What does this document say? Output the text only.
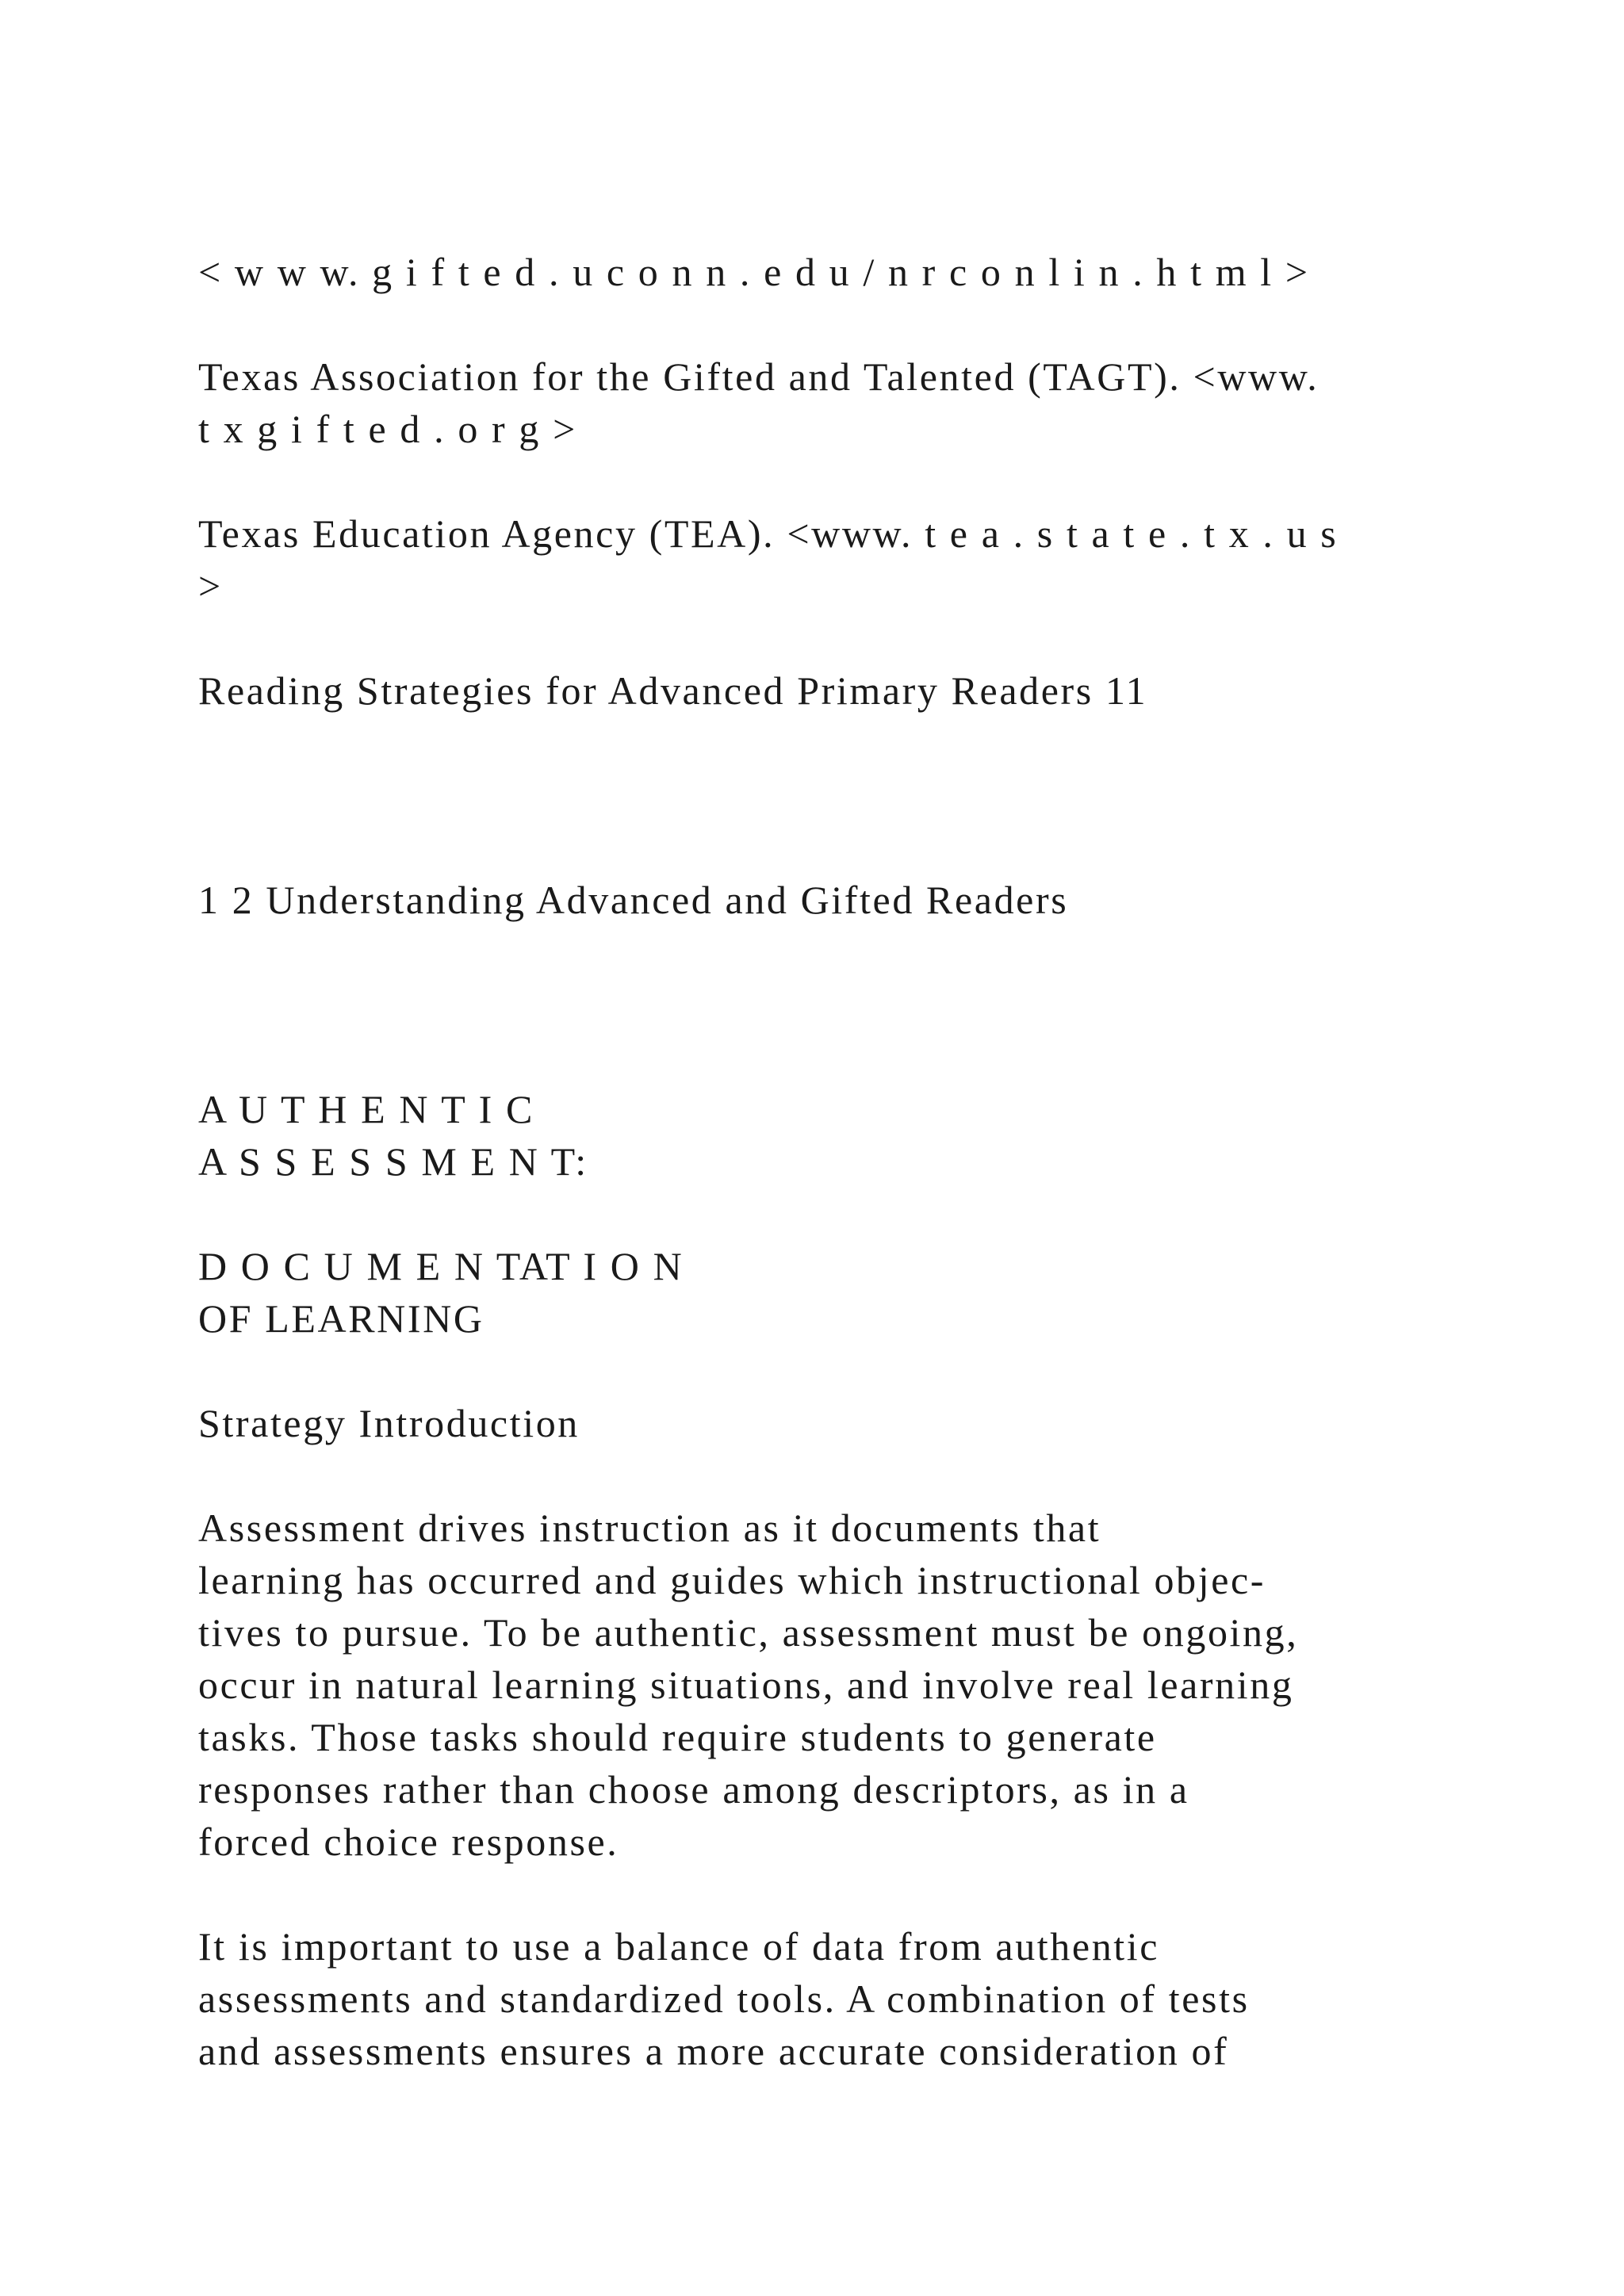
< w w w. g i f t e d . u c o n n . e d u / n r c o n l i n . h t m l >
Texas Association for the Gifted and Talented (TAGT). <www.
t x g i f t e d . o r g >
Texas Education Agency (TEA). <www. t e a . s t a t e . t x . u s
>
Reading Strategies for Advanced Primary Readers 11
1 2 Understanding Advanced and Gifted Readers
A U T H E N T I C
A S S E S S M E N T:
D O C U M E N TAT I O N
OF LEARNING
Strategy Introduction
Assessment drives instruction as it documents that
learning has occurred and guides which instructional objec-
tives to pursue. To be authentic, assessment must be ongoing,
occur in natural learning situations, and involve real learning
tasks. Those tasks should require students to generate
responses rather than choose among descriptors, as in a
forced choice response.
It is important to use a balance of data from authentic
assessments and standardized tools. A combination of tests
and assessments ensures a more accurate consideration of
